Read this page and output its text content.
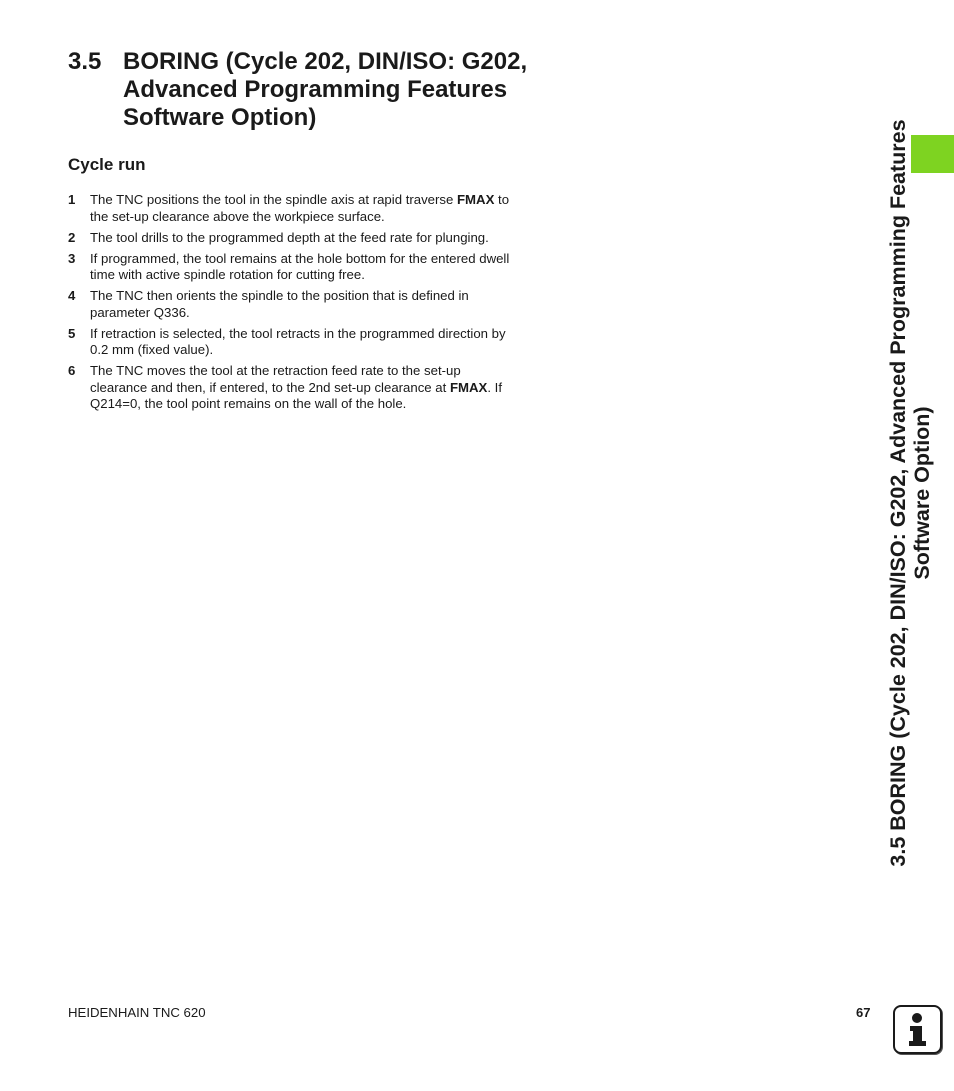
3.5 BORING (Cycle 202, DIN/ISO: G202, Advanced Programming Features Software Option)
Cycle run
1	The TNC positions the tool in the spindle axis at rapid traverse FMAX to the set-up clearance above the workpiece surface.
2	The tool drills to the programmed depth at the feed rate for plunging.
3	If programmed, the tool remains at the hole bottom for the entered dwell time with active spindle rotation for cutting free.
4	The TNC then orients the spindle to the position that is defined in parameter Q336.
5	If retraction is selected, the tool retracts in the programmed direction by 0.2 mm (fixed value).
6	The TNC moves the tool at the retraction feed rate to the set-up clearance and then, if entered, to the 2nd set-up clearance at FMAX. If Q214=0, the tool point remains on the wall of the hole.	3.5 BORING (Cycle 202, DIN/ISO: G202, Advanced Programming Features Software Option)
HEIDENHAIN TNC 620	67
